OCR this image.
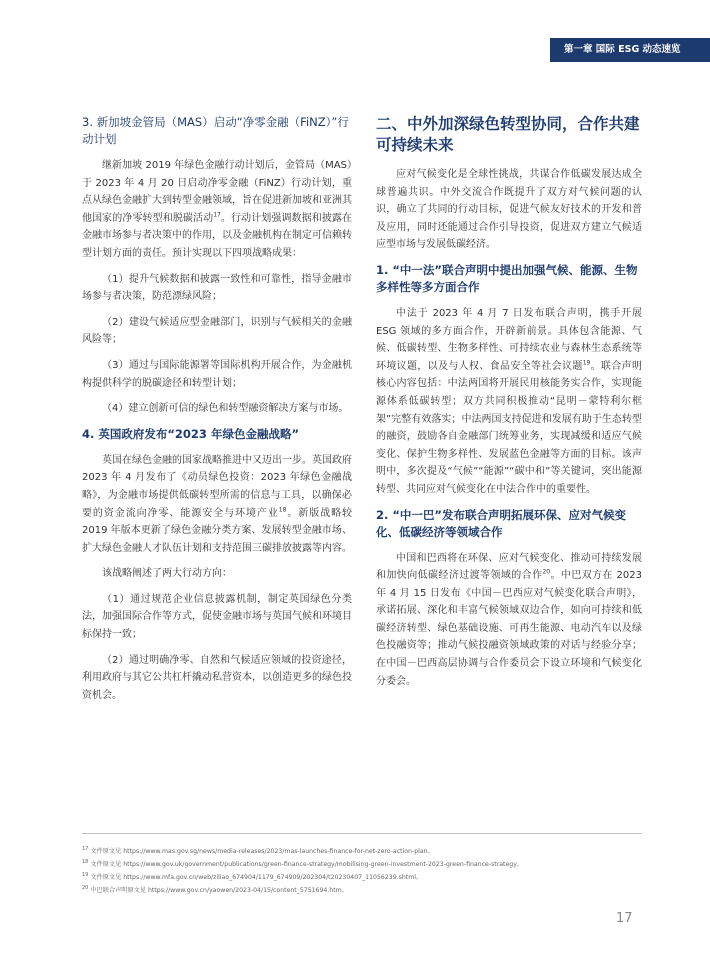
第一章 国际 ESG 动态速览
3. 新加坡金管局（MAS）启动“净零金融（FiNZ）”行动计划

继新加坡 2019 年绿色金融行动计划后，金管局（MAS）于 2023 年 4 月 20 日启动净零金融（FiNZ）行动计划，重点从绿色金融扩大到转型金融领域，旨在促进新加坡和亚洲其他国家的净零转型和脱碳活动$^{17}$。行动计划强调数据和披露在金融市场参与者决策中的作用，以及金融机构在制定可信赖转型计划方面的责任。预计实现以下四项战略成果：

（1）提升气候数据和披露一致性和可靠性，指导金融市场参与者决策，防范漂绿风险；

（2）建设气候适应型金融部门，识别与气候相关的金融风险等；

（3）通过与国际能源署等国际机构开展合作，为金融机构提供科学的脱碳途径和转型计划；

（4）建立创新可信的绿色和转型融资解决方案与市场。

4. 英国政府发布“2023 年绿色金融战略”

英国在绿色金融的国家战略推进中又迈出一步。英国政府 2023 年 4 月发布了《动员绿色投资：2023 年绿色金融战略》，为金融市场提供低碳转型所需的信息与工具，以确保必要的资金流向净零、能源安全与环境产业$^{18}$。新版战略较 2019 年版本更新了绿色金融分类方案、发展转型金融市场、扩大绿色金融人才队伍计划和支持范围三碳排放披露等内容。

该战略阐述了两大行动方向：

（1）通过规范企业信息披露机制，制定英国绿色分类法，加强国际合作等方式，促使金融市场与英国气候和环境目标保持一致；

（2）通过明确净零、自然和气候适应领域的投资途径，利用政府与其它公共杠杆撬动私营资本，以创造更多的绿色投资机会。

二、中外加深绿色转型协同，合作共建可持续未来

应对气候变化是全球性挑战，共谋合作低碳发展达成全球普遍共识。中外交流合作既提升了双方对气候问题的认识，确立了共同的行动目标，促进气候友好技术的开发和普及应用，同时还能通过合作引导投资，促进双方建立气候适应型市场与发展低碳经济。

1. “中一法”联合声明中提出加强气候、能源、生物多样性等多方面合作

中法于 2023 年 4 月 7 日发布联合声明，携手开展 ESG 领域的多方面合作，开辟新前景。具体包含能源、气候、低碳转型、生物多样性、可持续农业与森林生态系统等环境议题，以及与人权、食品安全等社会议题$^{19}$。联合声明核心内容包括：中法两国将开展民用核能务实合作，实现能源体系低碳转型；双方共同积极推动“昆明－蒙特利尔框架”完整有效落实；中法两国支持促进和发展有助于生态转型的融资，鼓励各自金融部门统筹业务，实现减缓和适应气候变化、保护生物多样性、发展蓝色金融等方面的目标。该声明中，多次提及“气候”“能源”“碳中和”等关键词，突出能源转型、共同应对气候变化在中法合作中的重要性。

2. “中一巴”发布联合声明拓展环保、应对气候变化、低碳经济等领域合作

中国和巴西将在环保、应对气候变化、推动可持续发展和加快向低碳经济过渡等领域的合作$^{20}$。中巴双方在 2023 年 4 月 15 日发布《中国－巴西应对气候变化联合声明》，承诺拓展、深化和丰富气候领域双边合作，如向可持续和低碳经济转型、绿色基础设施、可再生能源、电动汽车以及绿色投融资等；推动气候投融资领域政策的对话与经验分享；在中国－巴西高层协调与合作委员会下设立环境和气候变化分委会。

$^{17}$ 文件原文见 https://www.mas.gov.sg/news/media-releases/2023/mas-launches-finance-for-net-zero-action-plan。
$^{18}$ 文件原文见 https://www.gov.uk/government/publications/green-finance-strategy/mobilising-green-investment-2023-green-finance-strategy。
$^{19}$ 文件原文见 https://www.mfa.gov.cn/web/ziliao_674904/1179_674909/202304/t20230407_11056239.shtml。
$^{20}$ 中巴联合声明原文见 https://www.gov.cn/yaowen/2023-04/15/content_5751694.htm。
17
